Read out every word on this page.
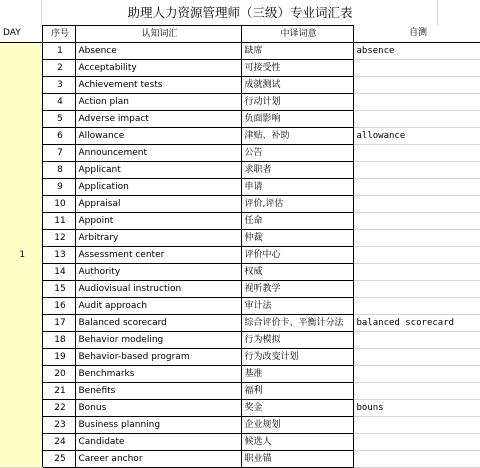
助理人力资源管理师（三级）专业词汇表
DAY	序号	认知词汇	中译词意	自测
1	1	Absence	缺席	absence
	2	Acceptability	可接受性	
	3	Achievement tests	成就测试	
	4	Action plan	行动计划	
	5	Adverse impact	负面影响	
	6	Allowance	津贴、补助	allowance
	7	Announcement	公告	
	8	Applicant	求职者	
	9	Application	申请	
	10	Appraisal	评价,评估	
	11	Appoint	任命	
	12	Arbitrary	仲裁	
	13	Assessment center	评价中心	
	14	Authority	权威	
	15	Audiovisual instruction	视听教学	
	16	Audit approach	审计法	
	17	Balanced scorecard	综合评价卡、平衡计分法	balanced scorecard
	18	Behavior modeling	行为模拟	
	19	Behavior-based program	行为改变计划	
	20	Benchmarks	基准	
	21	Benefits	福利	
	22	Bonus	奖金	bouns
	23	Business planning	企业规划	
	24	Candidate	候选人	
	25	Career anchor	职业锚	
